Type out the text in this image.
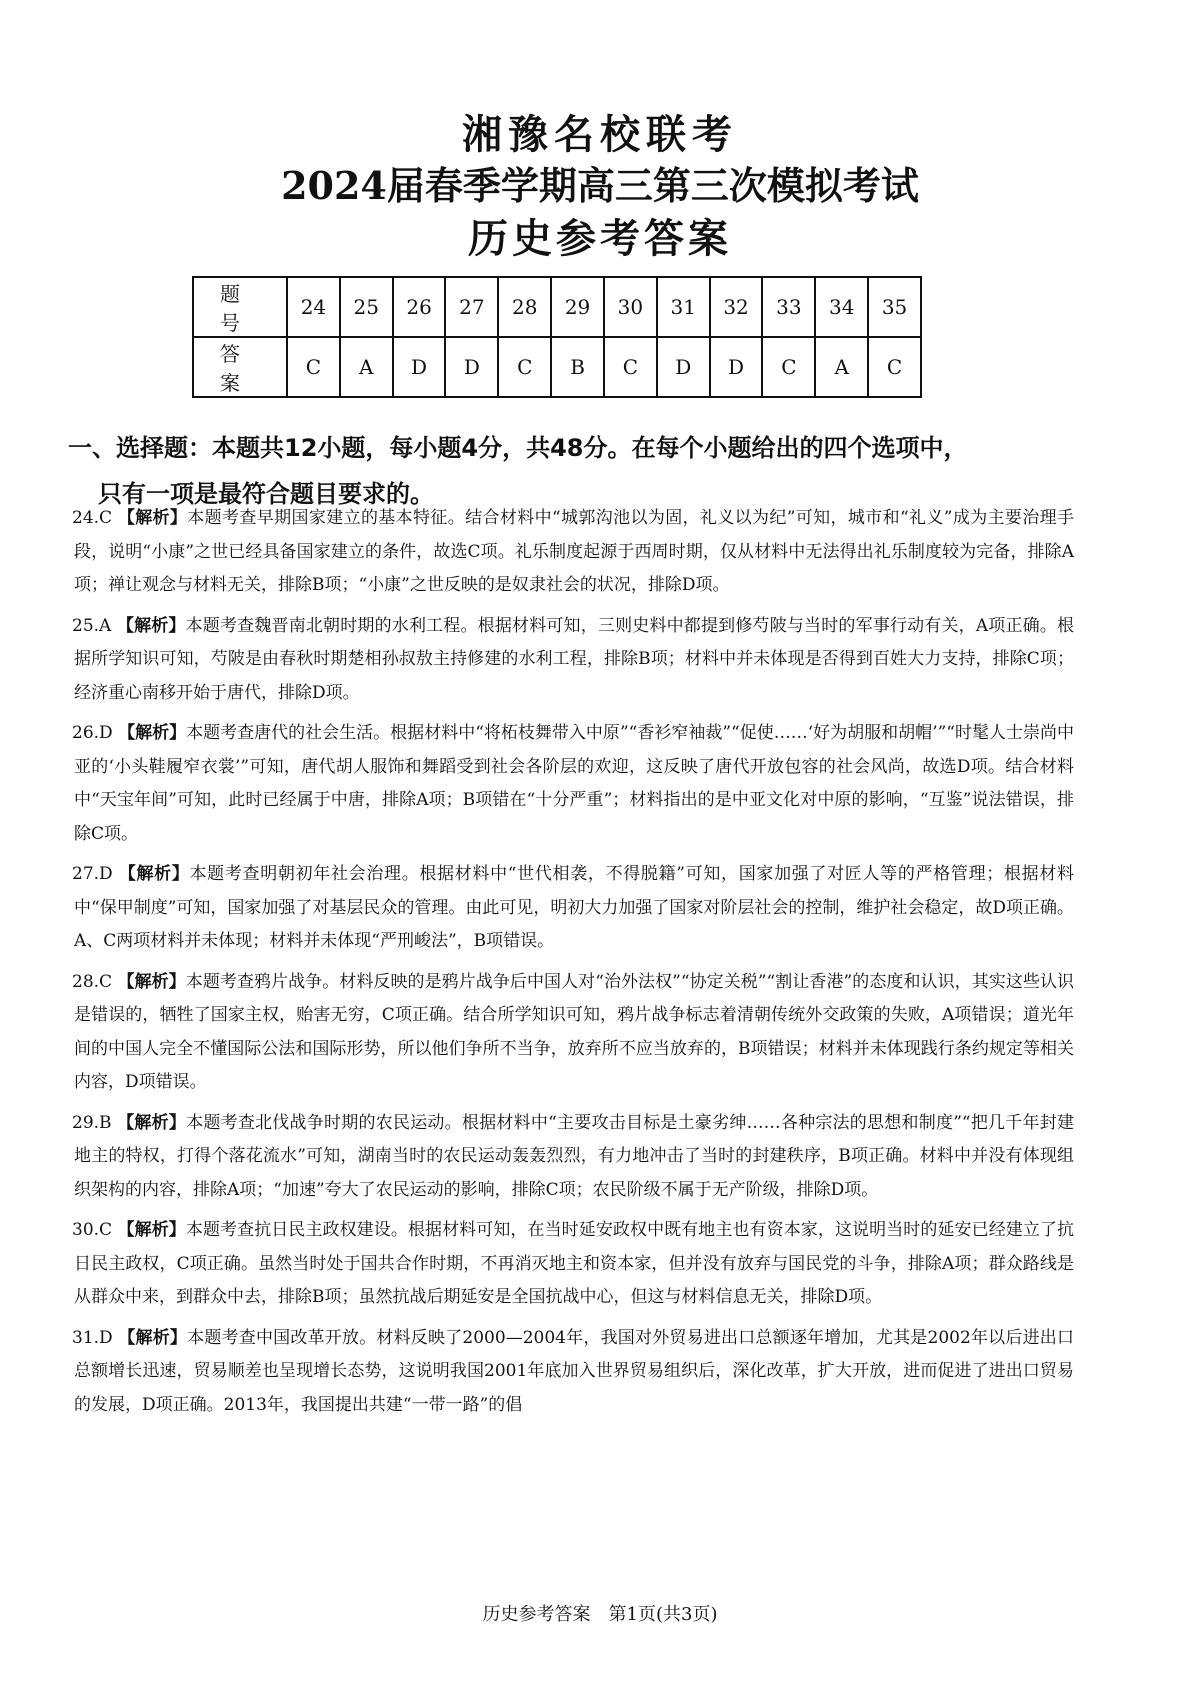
湘豫名校联考
2024届春季学期高三第三次模拟考试
历史参考答案
题 号	24	25	26	27	28	29	30	31	32	33	34	35
答 案	C	A	D	D	C	B	C	D	D	C	A	C
一、选择题：本题共12小题，每小题4分，共48分。在每个小题给出的四个选项中，
只有一项是最符合题目要求的。
24.C 【解析】本题考查早期国家建立的基本特征。结合材料中“城郭沟池以为固，礼义以为纪”可知，城市和“礼义”成为主要治理手段，说明“小康”之世已经具备国家建立的条件，故选C项。礼乐制度起源于西周时期，仅从材料中无法得出礼乐制度较为完备，排除A项；禅让观念与材料无关，排除B项；“小康”之世反映的是奴隶社会的状况，排除D项。
25.A 【解析】本题考查魏晋南北朝时期的水利工程。根据材料可知，三则史料中都提到修芍陂与当时的军事行动有关，A项正确。根据所学知识可知，芍陂是由春秋时期楚相孙叔敖主持修建的水利工程，排除B项；材料中并未体现是否得到百姓大力支持，排除C项；经济重心南移开始于唐代，排除D项。
26.D 【解析】本题考查唐代的社会生活。根据材料中“将柘枝舞带入中原”“香衫窄袖裁”“促使……‘好为胡服和胡帽’”“时髦人士崇尚中亚的‘小头鞋履窄衣裳’”可知，唐代胡人服饰和舞蹈受到社会各阶层的欢迎，这反映了唐代开放包容的社会风尚，故选D项。结合材料中“天宝年间”可知，此时已经属于中唐，排除A项；B项错在“十分严重”；材料指出的是中亚文化对中原的影响，“互鉴”说法错误，排除C项。
27.D 【解析】本题考查明朝初年社会治理。根据材料中“世代相袭，不得脱籍”可知，国家加强了对匠人等的严格管理；根据材料中“保甲制度”可知，国家加强了对基层民众的管理。由此可见，明初大力加强了国家对阶层社会的控制，维护社会稳定，故D项正确。A、C两项材料并未体现；材料并未体现“严刑峻法”，B项错误。
28.C 【解析】本题考查鸦片战争。材料反映的是鸦片战争后中国人对“治外法权”“协定关税”“割让香港”的态度和认识，其实这些认识是错误的，牺牲了国家主权，贻害无穷，C项正确。结合所学知识可知，鸦片战争标志着清朝传统外交政策的失败，A项错误；道光年间的中国人完全不懂国际公法和国际形势，所以他们争所不当争，放弃所不应当放弃的，B项错误；材料并未体现践行条约规定等相关内容，D项错误。
29.B 【解析】本题考查北伐战争时期的农民运动。根据材料中“主要攻击目标是土豪劣绅……各种宗法的思想和制度”“把几千年封建地主的特权，打得个落花流水”可知，湖南当时的农民运动轰轰烈烈，有力地冲击了当时的封建秩序，B项正确。材料中并没有体现组织架构的内容，排除A项；“加速”夸大了农民运动的影响，排除C项；农民阶级不属于无产阶级，排除D项。
30.C 【解析】本题考查抗日民主政权建设。根据材料可知，在当时延安政权中既有地主也有资本家，这说明当时的延安已经建立了抗日民主政权，C项正确。虽然当时处于国共合作时期，不再消灭地主和资本家，但并没有放弃与国民党的斗争，排除A项；群众路线是从群众中来，到群众中去，排除B项；虽然抗战后期延安是全国抗战中心，但这与材料信息无关，排除D项。
31.D 【解析】本题考查中国改革开放。材料反映了2000—2004年，我国对外贸易进出口总额逐年增加，尤其是2002年以后进出口总额增长迅速，贸易顺差也呈现增长态势，这说明我国2001年底加入世界贸易组织后，深化改革，扩大开放，进而促进了进出口贸易的发展，D项正确。2013年，我国提出共建“一带一路”的倡
历史参考答案　第1页(共3页)
